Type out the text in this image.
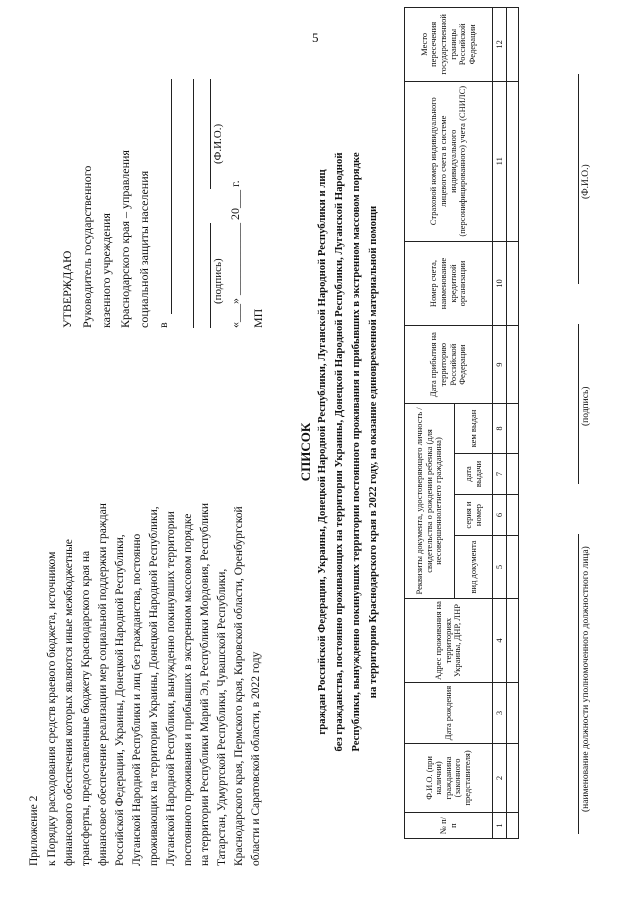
5
Приложение 2 к Порядку расходования средств краевого бюджета, источником финансового обеспечения которых являются иные межбюджетные трансферты, предоставленные бюджету Краснодарского края на финансовое обеспечение реализации мер социальной поддержки граждан Российской Федерации, Украины, Донецкой Народной Республики, Луганской Народной Республики и лиц без гражданства, постоянно проживающих на территории Украины, Донецкой Народной Республики, Луганской Народной Республики, вынужденно покинувших территории постоянного проживания и прибывших в экстренном массовом порядке на территории Республики Марий Эл, Республики Мордовия, Республики Татарстан, Удмуртской Республики, Чувашской Республики, Краснодарского края, Пермского края, Кировской области, Оренбургской области и Саратовской области, в 2022 году
УТВЕРЖДАЮ Руководитель государственного казенного учреждения Краснодарского края – управления социальной защиты населения в
(подпись)
(Ф.И.О.)
«___» ____________ 20___ г. МП
СПИСОК граждан Российской Федерации, Украины, Донецкой Народной Республики, Луганской Народной Республики и лиц без гражданства, постоянно проживающих на территории Украины, Донецкой Народной Республики, Луганской Народной Республики, вынужденно покинувших территории постоянного проживания и прибывших в экстренном массовом порядке на территорию Краснодарского края в 2022 году, на оказание единовременной материальной помощи
№ п/п	Ф.И.О. (при наличии) гражданина (законного представителя)	Дата рождения	Адрес проживания на территориях Украины, ДНР, ЛНР	Реквизиты документа, удостоверяющего личность / свидетельства о рождении ребенка (для несовершеннолетнего гражданина)				Дата прибытия на территорию Российской Федерации	Номер счета, наименование кредитной организации	Страховой номер индивидуального лицевого счета в системе индивидуального (персонифицированного) учета (СНИЛС)	Место пересечения государственной границы Российской Федерации
				вид документа	серия и номер	дата выдачи	кем выдан				
1	2	3	4	5	6	7	8	9	10	11	12

(наименование должности уполномоченного должностного лица)
(подпись)
(Ф.И.О.)
